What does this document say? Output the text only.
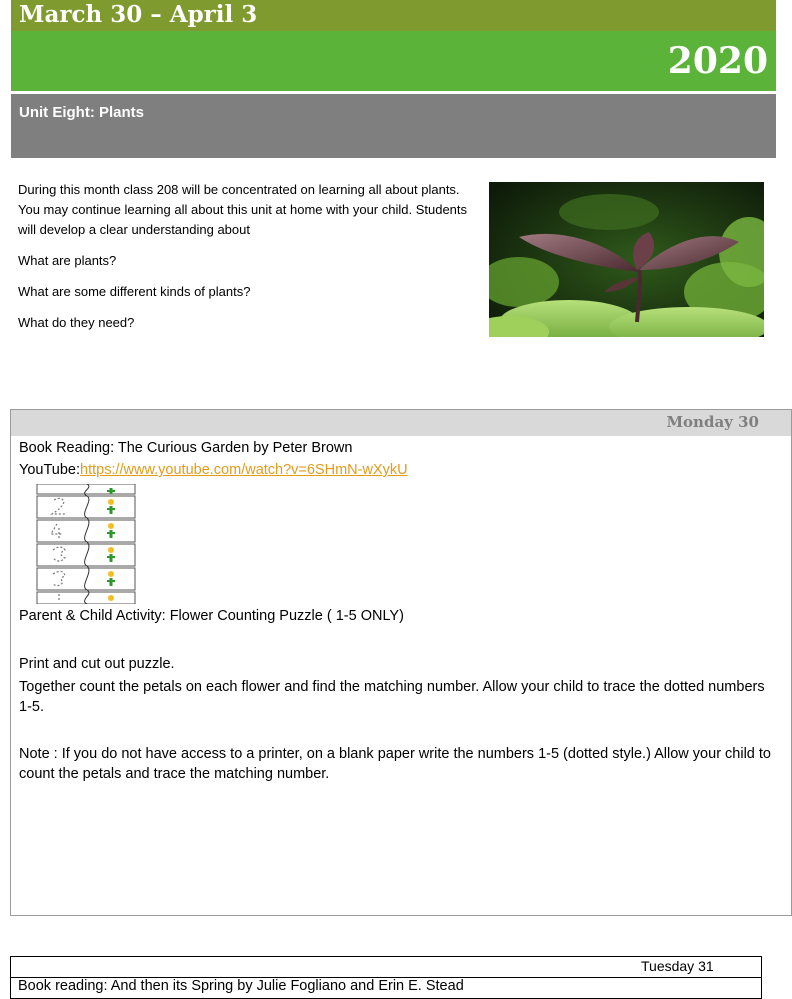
March 30 – April 3
2020
Unit Eight: Plants

During this month class 208 will be concentrated on learning all about plants. You may continue learning all about this unit at home with your child. Students will develop a clear understanding about

What are plants?

What are some different kinds of plants?

What do they need?

Monday 30
Book Reading: The Curious Garden by Peter Brown
YouTube:https://www.youtube.com/watch?v=6SHmN-wXykU
Parent & Child Activity: Flower Counting Puzzle ( 1-5 ONLY)
Print and cut out puzzle.
Together count the petals on each flower and find the matching number. Allow your child to trace the dotted numbers 1-5.
Note : If you do not have access to a printer, on a blank paper write the numbers 1-5 (dotted style.) Allow your child to count the petals and trace the matching number.
Tuesday 31
Book reading: And then its Spring by Julie Fogliano and Erin E. Stead
